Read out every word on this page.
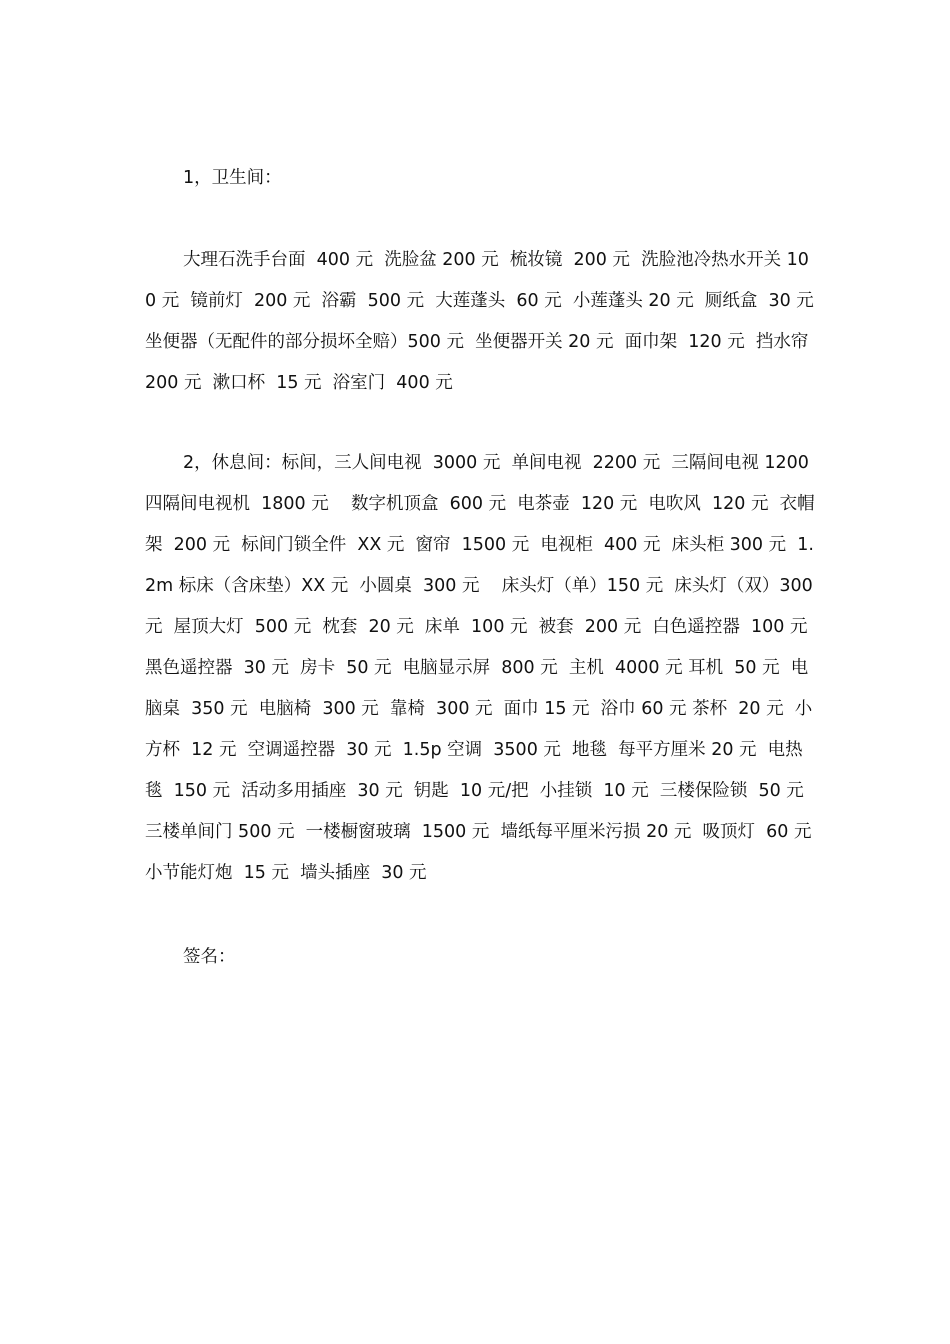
1，卫生间：

大理石洗手台面  400 元  洗脸盆 200 元  梳妆镜  200 元  洗脸池冷热水开关 100 元  镜前灯  200 元  浴霸  500 元  大莲蓬头  60 元  小莲蓬头 20 元  厕纸盒  30 元  坐便器（无配件的部分损坏全赔）500 元  坐便器开关 20 元  面巾架  120 元  挡水帘  200 元  漱口杯  15 元  浴室门  400 元

2，休息间：标间，三人间电视  3000 元  单间电视  2200 元  三隔间电视 1200 四隔间电视机  1800 元    数字机顶盒  600 元  电茶壶  120 元  电吹风  120 元  衣帽架  200 元  标间门锁全件  XX 元  窗帘  1500 元  电视柜  400 元  床头柜 300 元  1.2m 标床（含床垫）XX 元  小圆桌  300 元    床头灯（单）150 元  床头灯（双）300 元  屋顶大灯  500 元  枕套  20 元  床单  100 元  被套  200 元  白色遥控器  100 元  黑色遥控器  30 元  房卡  50 元  电脑显示屏  800 元  主机  4000 元 耳机  50 元  电脑桌  350 元  电脑椅  300 元  靠椅  300 元  面巾 15 元  浴巾 60 元 茶杯  20 元  小方杯  12 元  空调遥控器  30 元  1.5p 空调  3500 元  地毯  每平方厘米 20 元  电热毯  150 元  活动多用插座  30 元  钥匙  10 元/把  小挂锁  10 元  三楼保险锁  50 元  三楼单间门 500 元  一楼橱窗玻璃  1500 元  墙纸每平厘米污损 20 元  吸顶灯  60 元  小节能灯炮  15 元  墙头插座  30 元

签名：
